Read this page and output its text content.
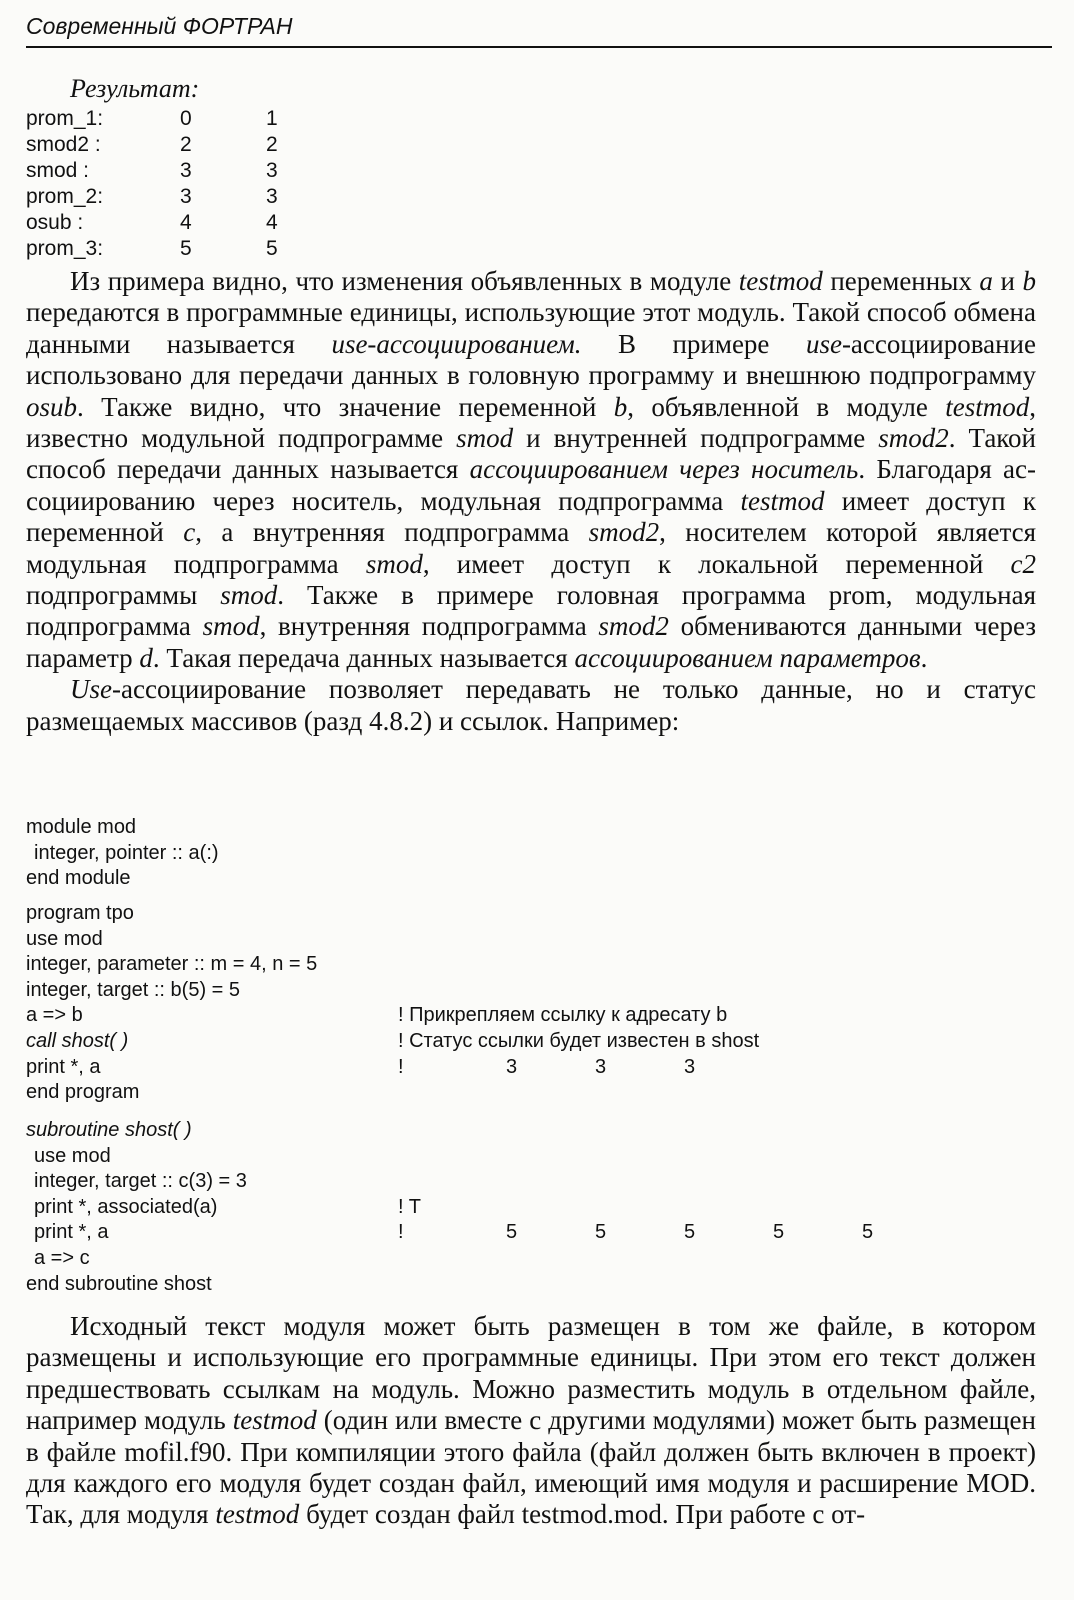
Современный ФОРТРАН
Результат:
prom_1:	0	1
smod2 :	2	2
smod :	3	3
prom_2:	3	3
osub :	4	4
prom_3:	5	5

Из примера видно, что изменения объявленных в модуле testmod переменных a и b передаются в программные единицы, использующие этот модуль. Такой способ обмена данными называется use-ассоциированием. В примере use-ассоциирование использовано для передачи данных в головную программу и внешнюю подпрограмму osub. Также видно, что значение переменной b, объявленной в модуле testmod, известно модульной подпрограмме smod и внутренней подпрограмме smod2. Такой способ передачи данных называется ассоциированием через носитель. Благодаря ассоциированию через носитель, модульная подпрограмма testmod имеет доступ к переменной c, а внутренняя подпрограмма smod2, носителем которой является модульная подпрограмма smod, имеет доступ к локальной переменной c2 подпрограммы smod. Также в примере головная программа prom, модульная подпрограмма smod, внутренняя подпрограмма smod2 обмениваются данными через параметр d. Такая передача данных называется ассоциированием параметров.

Use-ассоциирование позволяет передавать не только данные, но и статус размещаемых массивов (разд 4.8.2) и ссылок. Например:

module mod
integer, pointer :: a(:)
end module
program tpo
use mod
integer, parameter :: m = 4, n = 5
integer, target :: b(5) = 5
a => b	! Прикрепляем ссылку к адресату b
call shost( )	! Статус ссылки будет известен в shost
print *, a	!	3	3	3
end program
subroutine shost( )
use mod
integer, target :: c(3) = 3
print *, associated(a)	! T
print *, a	!	5	5	5	5	5
a => c
end subroutine shost

Исходный текст модуля может быть размещен в том же файле, в котором размещены и использующие его программные единицы. При этом его текст должен предшествовать ссылкам на модуль. Можно разместить модуль в отдельном файле, например модуль testmod (один или вместе с другими модулями) может быть размещен в файле mofil.f90. При компиляции этого файла (файл должен быть включен в проект) для каждого его модуля будет создан файл, имеющий имя модуля и расширение MOD. Так, для модуля testmod будет создан файл testmod.mod. При работе с от-
